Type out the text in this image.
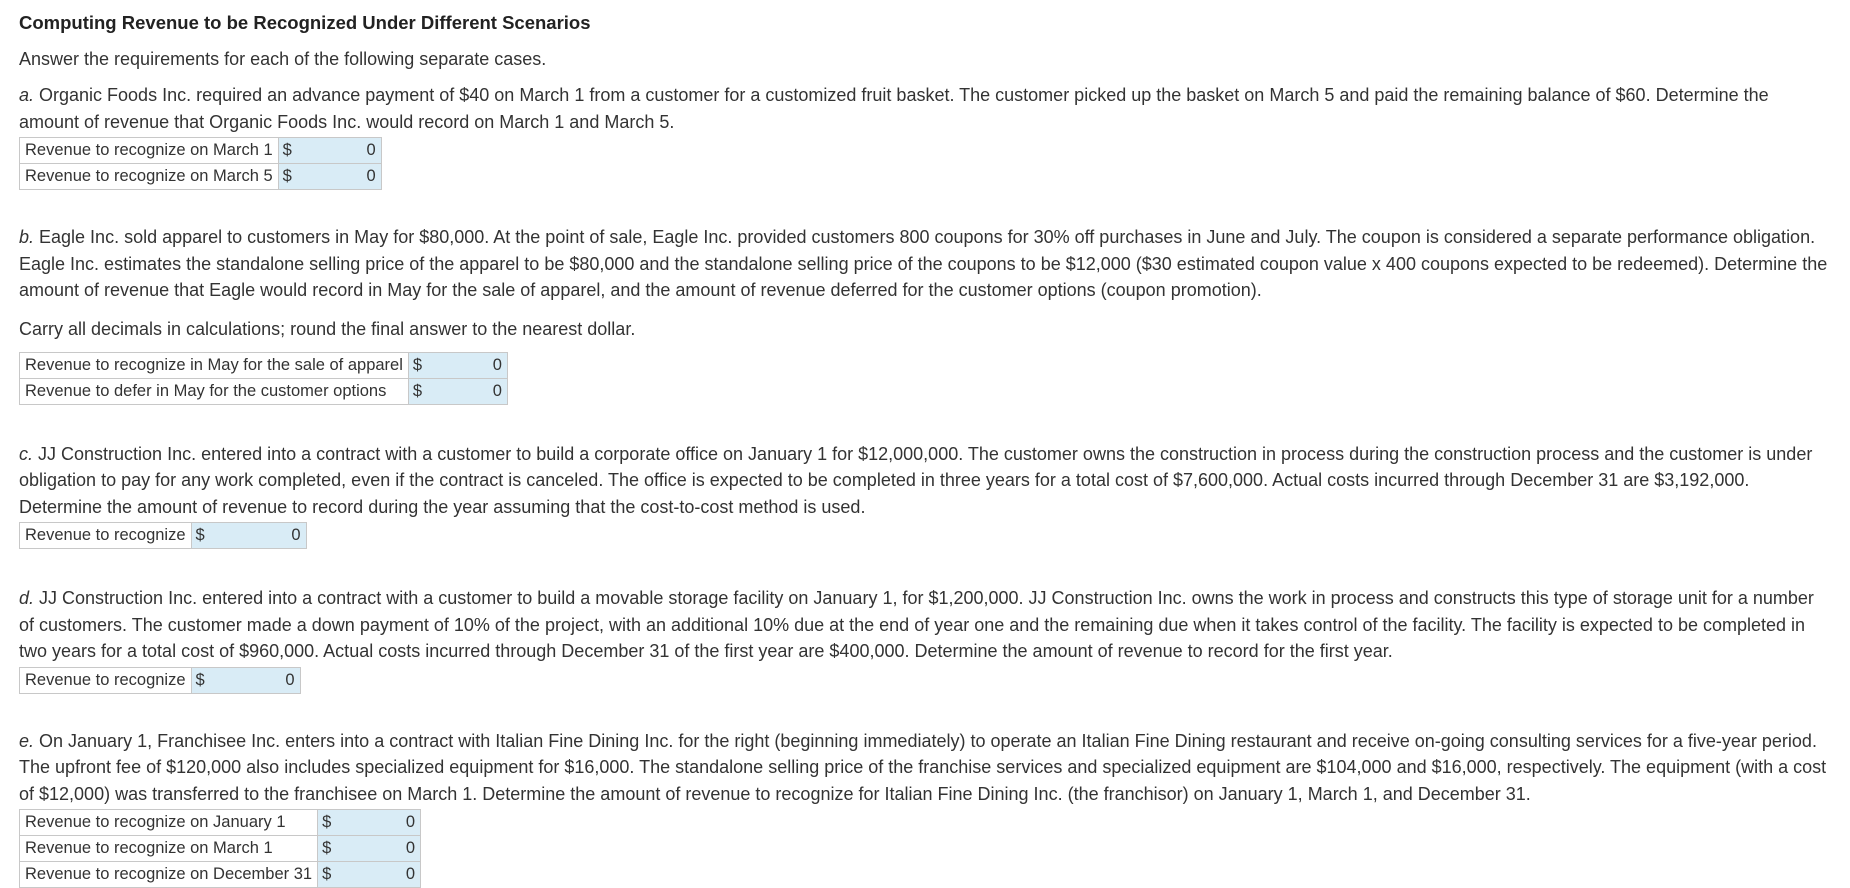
Computing Revenue to be Recognized Under Different Scenarios
Answer the requirements for each of the following separate cases.

a. Organic Foods Inc. required an advance payment of $40 on March 1 from a customer for a customized fruit basket. The customer picked up the basket on March 5 and paid the remaining balance of $60. Determine the amount of revenue that Organic Foods Inc. would record on March 1 and March 5.

Revenue to recognize on March 1	$	0
Revenue to recognize on March 5	$	0

b. Eagle Inc. sold apparel to customers in May for $80,000. At the point of sale, Eagle Inc. provided customers 800 coupons for 30% off purchases in June and July. The coupon is considered a separate performance obligation. Eagle Inc. estimates the standalone selling price of the apparel to be $80,000 and the standalone selling price of the coupons to be $12,000 ($30 estimated coupon value x 400 coupons expected to be redeemed). Determine the amount of revenue that Eagle would record in May for the sale of apparel, and the amount of revenue deferred for the customer options (coupon promotion).

Carry all decimals in calculations; round the final answer to the nearest dollar.
Revenue to recognize in May for the sale of apparel	$	0
Revenue to defer in May for the customer options	$	0

c. JJ Construction Inc. entered into a contract with a customer to build a corporate office on January 1 for $12,000,000. The customer owns the construction in process during the construction process and the customer is under obligation to pay for any work completed, even if the contract is canceled. The office is expected to be completed in three years for a total cost of $7,600,000. Actual costs incurred through December 31 are $3,192,000. Determine the amount of revenue to record during the year assuming that the cost-to-cost method is used.

Revenue to recognize	$	0

d. JJ Construction Inc. entered into a contract with a customer to build a movable storage facility on January 1, for $1,200,000. JJ Construction Inc. owns the work in process and constructs this type of storage unit for a number of customers. The customer made a down payment of 10% of the project, with an additional 10% due at the end of year one and the remaining due when it takes control of the facility. The facility is expected to be completed in two years for a total cost of $960,000. Actual costs incurred through December 31 of the first year are $400,000. Determine the amount of revenue to record for the first year.

Revenue to recognize	$	0

e. On January 1, Franchisee Inc. enters into a contract with Italian Fine Dining Inc. for the right (beginning immediately) to operate an Italian Fine Dining restaurant and receive on-going consulting services for a five-year period. The upfront fee of $120,000 also includes specialized equipment for $16,000. The standalone selling price of the franchise services and specialized equipment are $104,000 and $16,000, respectively. The equipment (with a cost of $12,000) was transferred to the franchisee on March 1. Determine the amount of revenue to recognize for Italian Fine Dining Inc. (the franchisor) on January 1, March 1, and December 31.

Revenue to recognize on January 1	$	0
Revenue to recognize on March 1	$	0
Revenue to recognize on December 31	$	0
